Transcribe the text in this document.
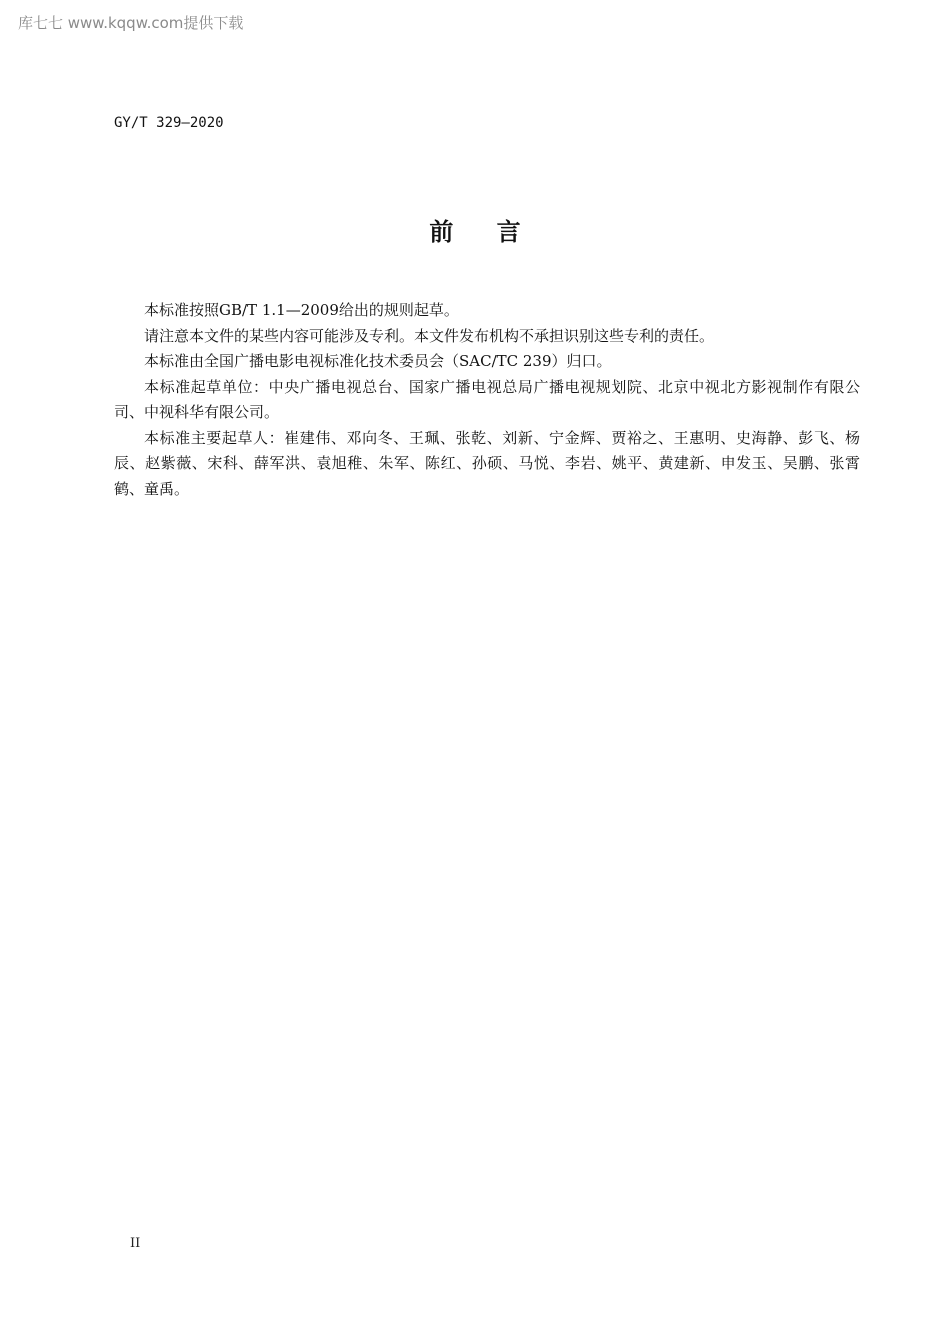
库七七 www.kqqw.com提供下载
GY/T 329—2020
前言

本标准按照GB/T 1.1—2009给出的规则起草。

请注意本文件的某些内容可能涉及专利。本文件发布机构不承担识别这些专利的责任。

本标准由全国广播电影电视标准化技术委员会（SAC/TC 239）归口。

本标准起草单位：中央广播电视总台、国家广播电视总局广播电视规划院、北京中视北方影视制作有限公司、中视科华有限公司。

本标准主要起草人：崔建伟、邓向冬、王珮、张乾、刘新、宁金辉、贾裕之、王惠明、史海静、彭飞、杨辰、赵紫薇、宋科、薛军洪、袁旭稚、朱军、陈红、孙硕、马悦、李岩、姚平、黄建新、申发玉、吴鹏、张霄鹤、童禹。

II
